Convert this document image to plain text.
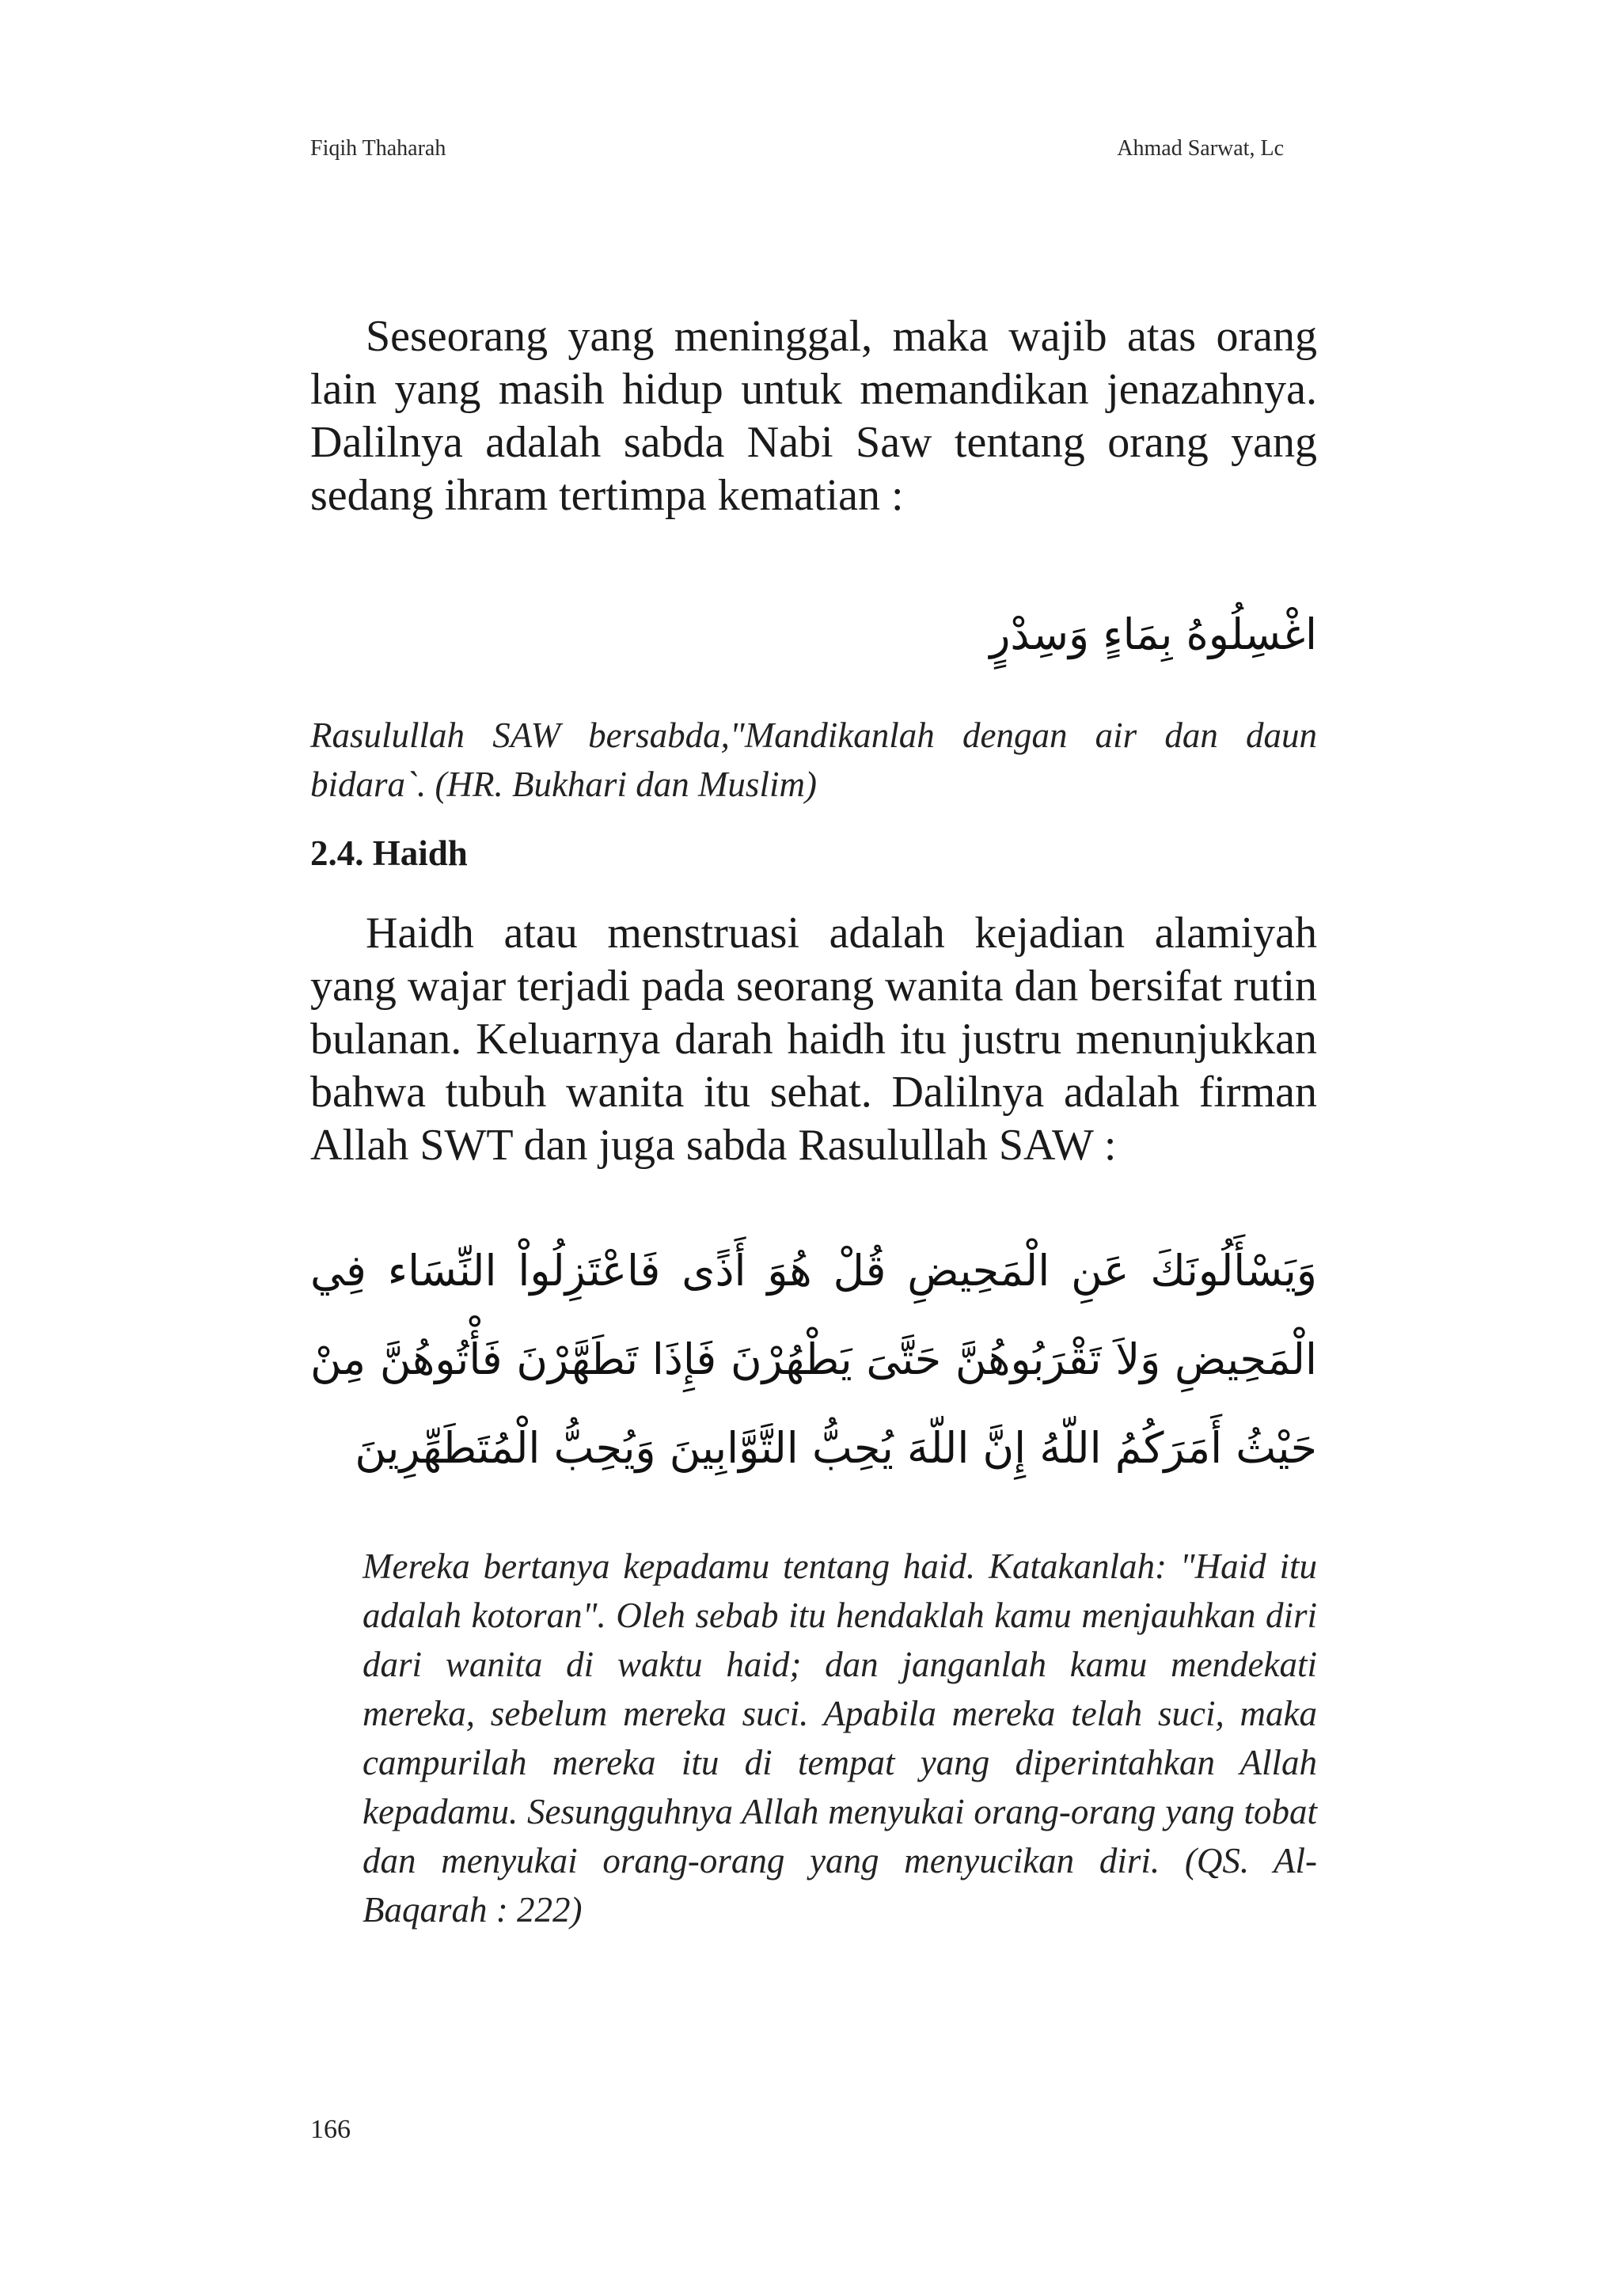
Fiqih Thaharah	Ahmad Sarwat, Lc

Seseorang yang meninggal, maka wajib atas orang lain yang masih hidup untuk memandikan jenazahnya. Dalilnya adalah sabda Nabi Saw tentang orang yang sedang ihram tertimpa kematian :

اغْسِلُوهُ بِمَاءٍ وَسِدْرٍ

Rasulullah SAW bersabda,"Mandikanlah dengan air dan daun bidara`. (HR. Bukhari dan Muslim)

2.4. Haidh

Haidh atau menstruasi adalah kejadian alamiyah yang wajar terjadi pada seorang wanita dan bersifat rutin bulanan. Keluarnya darah haidh itu justru menunjukkan bahwa tubuh wanita itu sehat. Dalilnya adalah firman Allah SWT dan juga sabda Rasulullah SAW :

وَيَسْأَلُونَكَ عَنِ الْمَحِيضِ قُلْ هُوَ أَذًى فَاعْتَزِلُواْ النِّسَاء فِي الْمَحِيضِ وَلاَ تَقْرَبُوهُنَّ حَتَّىَ يَطْهُرْنَ فَإِذَا تَطَهَّرْنَ فَأْتُوهُنَّ مِنْ حَيْثُ أَمَرَكُمُ اللّهُ إِنَّ اللّهَ يُحِبُّ التَّوَّابِينَ وَيُحِبُّ الْمُتَطَهِّرِينَ

Mereka bertanya kepadamu tentang haid. Katakanlah: "Haid itu adalah kotoran". Oleh sebab itu hendaklah kamu menjauhkan diri dari wanita di waktu haid; dan janganlah kamu mendekati mereka, sebelum mereka suci. Apabila mereka telah suci, maka campurilah mereka itu di tempat yang diperintahkan Allah kepadamu. Sesungguhnya Allah menyukai orang-orang yang tobat dan menyukai orang-orang yang menyucikan diri. (QS. Al-Baqarah : 222)

166
